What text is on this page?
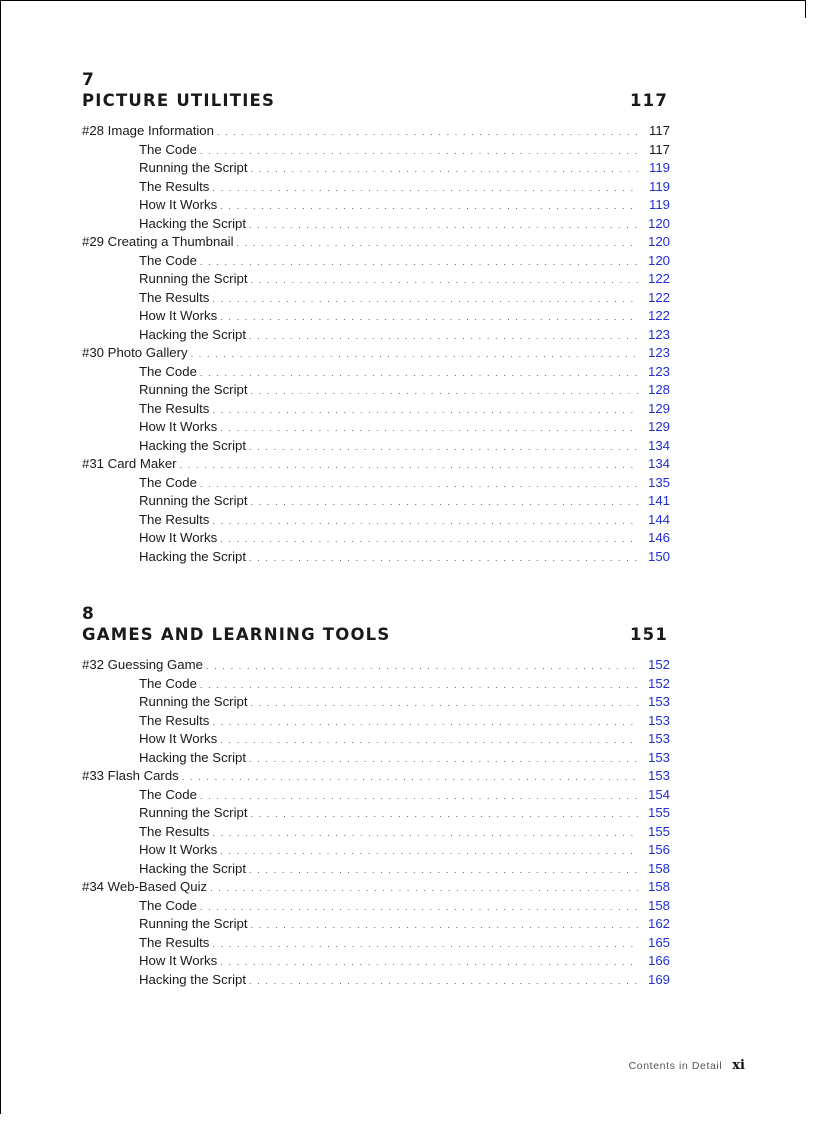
7
PICTURE UTILITIES	117
#28 Image Information . . .	117
The Code . . .	117
Running the Script . . .	119
The Results . . .	119
How It Works . . .	119
Hacking the Script . . .	120
#29 Creating a Thumbnail . . .	120
The Code . . .	120
Running the Script . . .	122
The Results . . .	122
How It Works . . .	122
Hacking the Script . . .	123
#30 Photo Gallery . . .	123
The Code . . .	123
Running the Script . . .	128
The Results . . .	129
How It Works . . .	129
Hacking the Script . . .	134
#31 Card Maker . . .	134
The Code . . .	135
Running the Script . . .	141
The Results . . .	144
How It Works . . .	146
Hacking the Script . . .	150
8
GAMES AND LEARNING TOOLS	151
#32 Guessing Game . . .	152
The Code . . .	152
Running the Script . . .	153
The Results . . .	153
How It Works . . .	153
Hacking the Script . . .	153
#33 Flash Cards . . .	153
The Code . . .	154
Running the Script . . .	155
The Results . . .	155
How It Works . . .	156
Hacking the Script . . .	158
#34 Web-Based Quiz . . .	158
The Code . . .	158
Running the Script . . .	162
The Results . . .	165
How It Works . . .	166
Hacking the Script . . .	169
Contents in Detail xi
